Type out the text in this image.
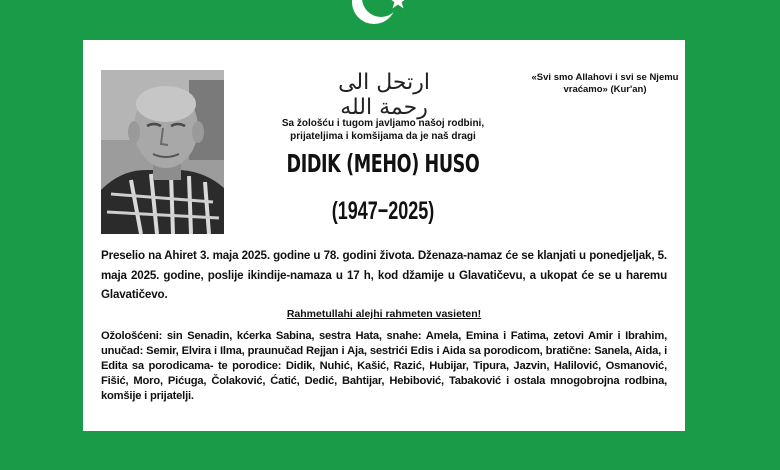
ارتحل الى رحمة الله
«Svi smo Allahovi i svi se Njemu vraćamo» (Kur'an)
Sa žološću i tugom javljamo našoj rodbini, prijateljima i komšijama da je naš dragi
DIDIK (MEHO) HUSO
(1947−2025)
Preselio na Ahiret 3. maja 2025. godine u 78. godini života. Dženaza-namaz će se klanjati u ponedjeljak, 5. maja 2025. godine, poslije ikindije-namaza u 17 h, kod džamije u Glavatičevu, a ukopat će se u haremu Glavatičevo.
Rahmetullahi alejhi rahmeten vasieten!
Ožološćeni: sin Senadin, kćerka Sabina, sestra Hata, snahe: Amela, Emina i Fatima, zetovi Amir i Ibrahim, unučad: Semir, Elvira i Ilma, praunučad Rejjan i Aja, sestrići Edis i Aida sa porodicom, bratične: Sanela, Aida, i Edita sa porodicama- te porodice: Didik, Nuhić, Kašić, Razić, Hubijar, Tipura, Jazvin, Halilović, Osmanović, Fišić, Moro, Pićuga, Čolaković, Ćatić, Dedić, Bahtijar, Hebibović, Tabaković i ostala mnogobrojna rodbina, komšije i prijatelji.
